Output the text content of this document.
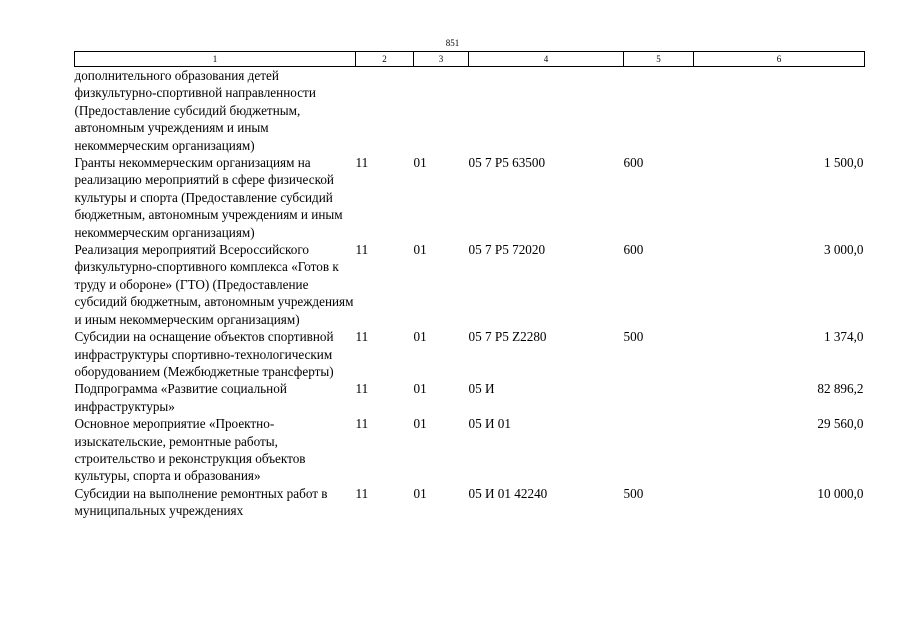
851
1	2	3	4	5	6
дополнительного образования детей физкультурно-спортивной направленности (Предоставление субсидий бюджетным, автономным учреждениям и иным некоммерческим организациям)					
Гранты некоммерческим организациям на реализацию мероприятий в сфере физической культуры и спорта (Предоставление субсидий бюджетным, автономным учреждениям и иным некоммерческим организациям)	11	01	05 7 P5 63500	600	1 500,0
Реализация мероприятий Всероссийского физкультурно-спортивного комплекса «Готов к труду и обороне» (ГТО) (Предоставление субсидий бюджетным, автономным учреждениям и иным некоммерческим организациям)	11	01	05 7 P5 72020	600	3 000,0
Субсидии на оснащение объектов спортивной инфраструктуры спортивно-технологическим оборудованием (Межбюджетные трансферты)	11	01	05 7 P5 Z2280	500	1 374,0
Подпрограмма «Развитие социальной инфраструктуры»	11	01	05 И		82 896,2
Основное мероприятие «Проектно-изыскательские, ремонтные работы, строительство и реконструкция объектов культуры, спорта и образования»	11	01	05 И 01		29 560,0
Субсидии на выполнение ремонтных работ в муниципальных учреждениях	11	01	05 И 01 42240	500	10 000,0
